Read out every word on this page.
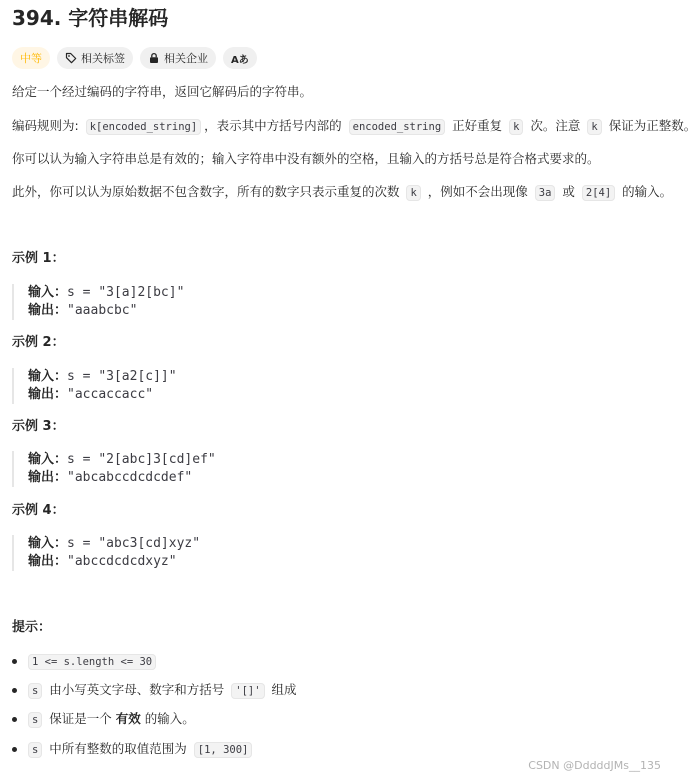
394. 字符串解码
中等	相关标签	相关企业 Aあ
给定一个经过编码的字符串，返回它解码后的字符串。
编码规则为: k[encoded_string] ，表示其中方括号内部的 encoded_string 正好重复 k 次。注意 k 保证为正整数。
你可以认为输入字符串总是有效的；输入字符串中没有额外的空格，且输入的方括号总是符合格式要求的。
此外，你可以认为原始数据不包含数字，所有的数字只表示重复的次数 k ，例如不会出现像 3a 或 2[4] 的输入。
示例 1：
输入：s = "3[a]2[bc]"
输出："aaabcbc"
示例 2：
输入：s = "3[a2[c]]"
输出："accaccacc"
示例 3：
输入：s = "2[abc]3[cd]ef"
输出："abcabccdcdcdef"
示例 4：
输入：s = "abc3[cd]xyz"
输出："abccdcdcdxyz"
提示：
1 <= s.length <= 30
s 由小写英文字母、数字和方括号 '[]' 组成
s 保证是一个 有效 的输入。
s 中所有整数的取值范围为 [1, 300]
CSDN @DddddJMs__135
